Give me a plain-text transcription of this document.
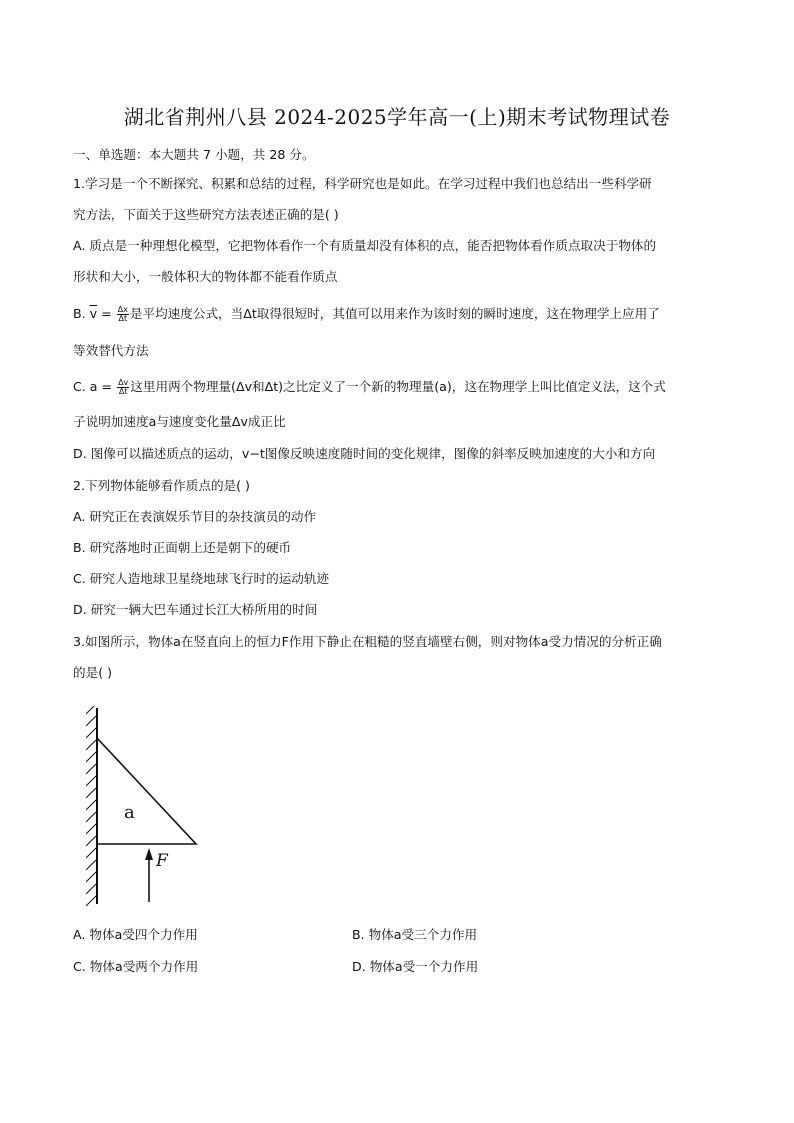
湖北省荆州八县 2024-2025学年高一(上)期末考试物理试卷
一、单选题：本大题共 7 小题，共 28 分。
1.学习是一个不断探究、积累和总结的过程，科学研究也是如此。在学习过程中我们也总结出一些科学研
究方法，下面关于这些研究方法表述正确的是( )
A. 质点是一种理想化模型，它把物体看作一个有质量却没有体积的点，能否把物体看作质点取决于物体的
形状和大小，一般体积大的物体都不能看作质点
B. $\overline{v} = \frac{\Delta x}{\Delta t}$ 是平均速度公式，当Δt取得很短时，其值可以用来作为该时刻的瞬时速度，这在物理学上应用了
等效替代方法
C. $a = \frac{\Delta v}{\Delta t}$ 这里用两个物理量(Δv和Δt)之比定义了一个新的物理量(a)，这在物理学上叫比值定义法，这个式
子说明加速度a与速度变化量Δv成正比
D. 图像可以描述质点的运动，v−t图像反映速度随时间的变化规律，图像的斜率反映加速度的大小和方向
2.下列物体能够看作质点的是( )
A. 研究正在表演娱乐节目的杂技演员的动作
B. 研究落地时正面朝上还是朝下的硬币
C. 研究人造地球卫星绕地球飞行时的运动轨迹
D. 研究一辆大巴车通过长江大桥所用的时间
3.如图所示，物体a在竖直向上的恒力F作用下静止在粗糙的竖直墙壁右侧，则对物体a受力情况的分析正确
的是( )
a
F
A. 物体a受四个力作用	B. 物体a受三个力作用
C. 物体a受两个力作用	D. 物体a受一个力作用
